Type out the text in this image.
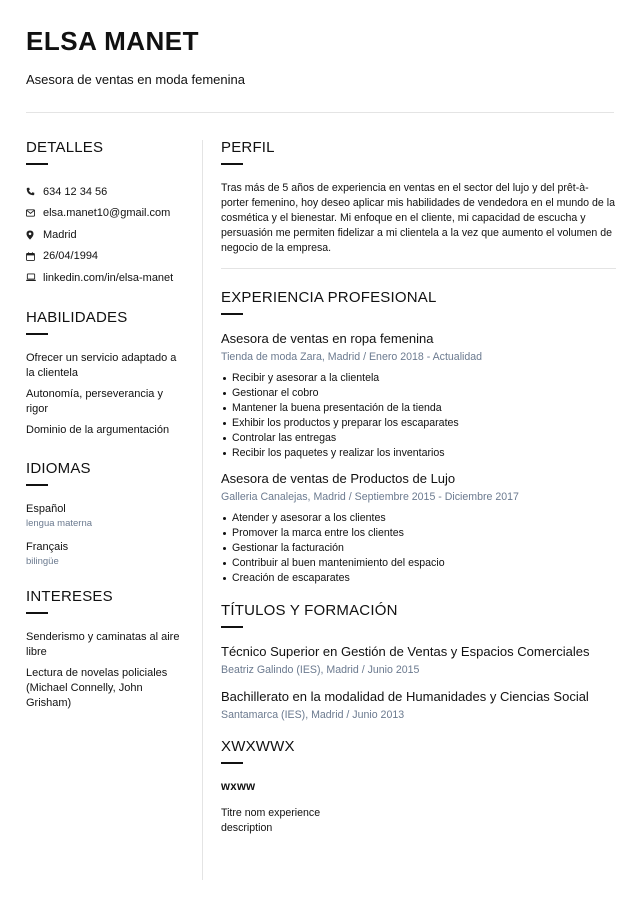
ELSA MANET
Asesora de ventas en moda femenina
DETALLES
634 12 34 56
elsa.manet10@gmail.com
Madrid
26/04/1994
linkedin.com/in/elsa-manet
HABILIDADES
Ofrecer un servicio adaptado a la clientela
Autonomía, perseverancia y rigor
Dominio de la argumentación
IDIOMAS
Español
lengua materna
Français
bilingüe
INTERESES
Senderismo y caminatas al aire libre
Lectura de novelas policiales (Michael Connelly, John Grisham)
PERFIL
Tras más de 5 años de experiencia en ventas en el sector del lujo y del prêt-à-porter femenino, hoy deseo aplicar mis habilidades de vendedora en el mundo de la cosmética y el bienestar. Mi enfoque en el cliente, mi capacidad de escucha y persuasión me permiten fidelizar a mi clientela a la vez que aumento el volumen de negocio de la empresa.
EXPERIENCIA PROFESIONAL
Asesora de ventas en ropa femenina
Tienda de moda Zara, Madrid / Enero 2018 - Actualidad
Recibir y asesorar a la clientela
Gestionar el cobro
Mantener la buena presentación de la tienda
Exhibir los productos y preparar los escaparates
Controlar las entregas
Recibir los paquetes y realizar los inventarios
Asesora de ventas de Productos de Lujo
Galleria Canalejas, Madrid / Septiembre 2015 - Diciembre 2017
Atender y asesorar a los clientes
Promover la marca entre los clientes
Gestionar la facturación
Contribuir al buen mantenimiento del espacio
Creación de escaparates
TÍTULOS Y FORMACIÓN
Técnico Superior en Gestión de Ventas y Espacios Comerciales
Beatriz Galindo (IES), Madrid / Junio 2015
Bachillerato en la modalidad de Humanidades y Ciencias Social
Santamarca (IES), Madrid / Junio 2013
XWXWWX
wxww
Titre nom experience
description
